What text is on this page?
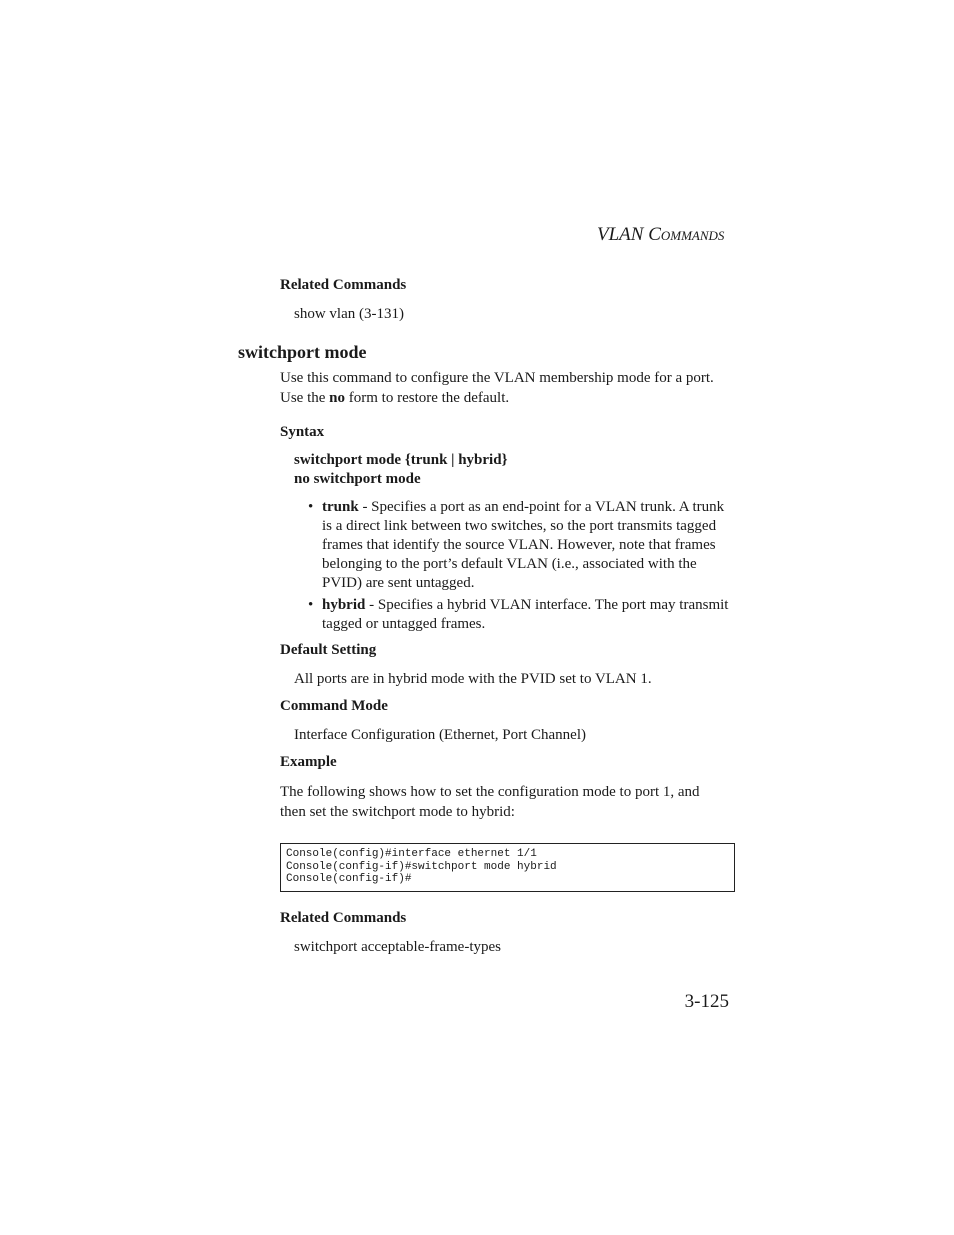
VLAN COMMANDS
Related Commands
show vlan (3-131)
switchport mode
Use this command to configure the VLAN membership mode for a port.
Use the no form to restore the default.
Syntax
switchport mode {trunk | hybrid}
no switchport mode
• trunk - Specifies a port as an end-point for a VLAN trunk. A trunk is a direct link between two switches, so the port transmits tagged frames that identify the source VLAN. However, note that frames belonging to the port’s default VLAN (i.e., associated with the PVID) are sent untagged.
• hybrid - Specifies a hybrid VLAN interface. The port may transmit tagged or untagged frames.
Default Setting
All ports are in hybrid mode with the PVID set to VLAN 1.
Command Mode
Interface Configuration (Ethernet, Port Channel)
Example
The following shows how to set the configuration mode to port 1, and then set the switchport mode to hybrid:
Console(config)#interface ethernet 1/1
Console(config-if)#switchport mode hybrid
Console(config-if)#
Related Commands
switchport acceptable-frame-types
3-125
